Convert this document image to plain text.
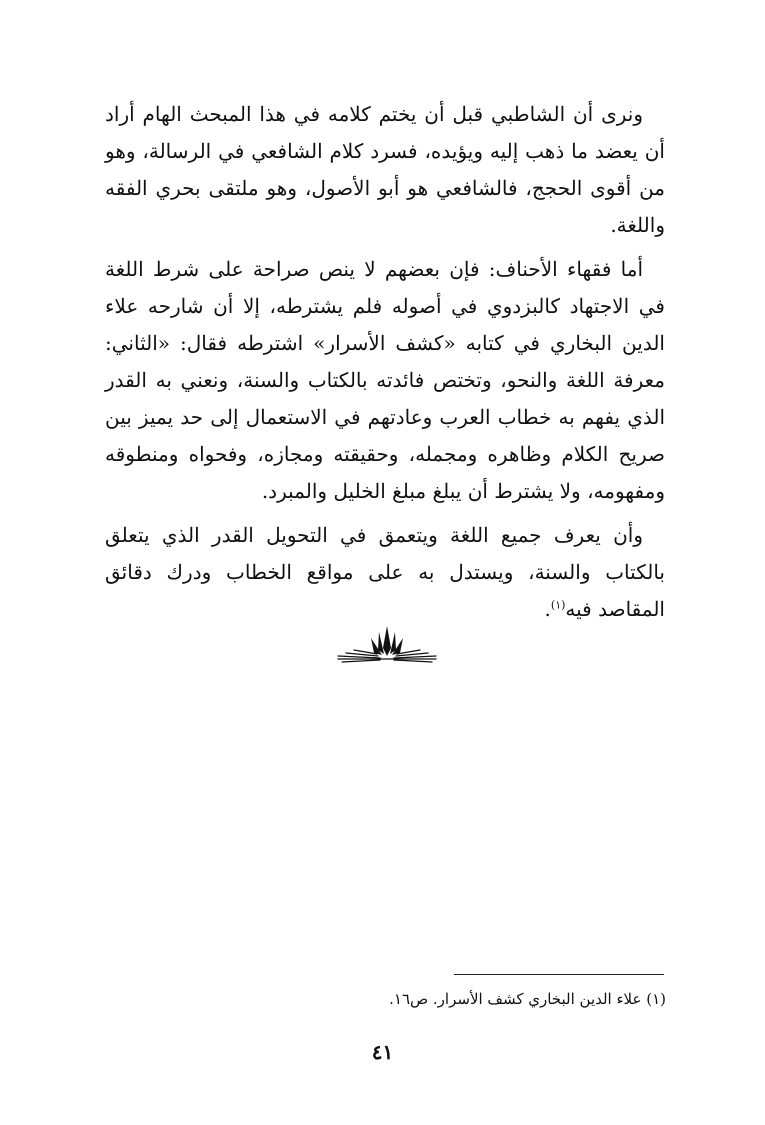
ونرى أن الشاطبي قبل أن يختم كلامه في هذا المبحث الهام أراد أن يعضد ما ذهب إليه ويؤيده، فسرد كلام الشافعي في الرسالة، وهو من أقوى الحجج، فالشافعي هو أبو الأصول، وهو ملتقى بحري الفقه واللغة.

أما فقهاء الأحناف: فإن بعضهم لا ينص صراحة على شرط اللغة في الاجتهاد كالبزدوي في أصوله فلم يشترطه، إلا أن شارحه علاء الدين البخاري في كتابه «كشف الأسرار» اشترطه فقال: «الثاني: معرفة اللغة والنحو، وتختص فائدته بالكتاب والسنة، ونعني به القدر الذي يفهم به خطاب العرب وعادتهم في الاستعمال إلى حد يميز بين صريح الكلام وظاهره ومجمله، وحقيقته ومجازه، وفحواه ومنطوقه ومفهومه، ولا يشترط أن يبلغ مبلغ الخليل والمبرد.

وأن يعرف جميع اللغة ويتعمق في التحويل القدر الذي يتعلق بالكتاب والسنة، ويستدل به على مواقع الخطاب ودرك دقائق المقاصد فيه$^{(١)}$.

(١) علاء الدين البخاري كشف الأسرار. ص١٦.
٤١
